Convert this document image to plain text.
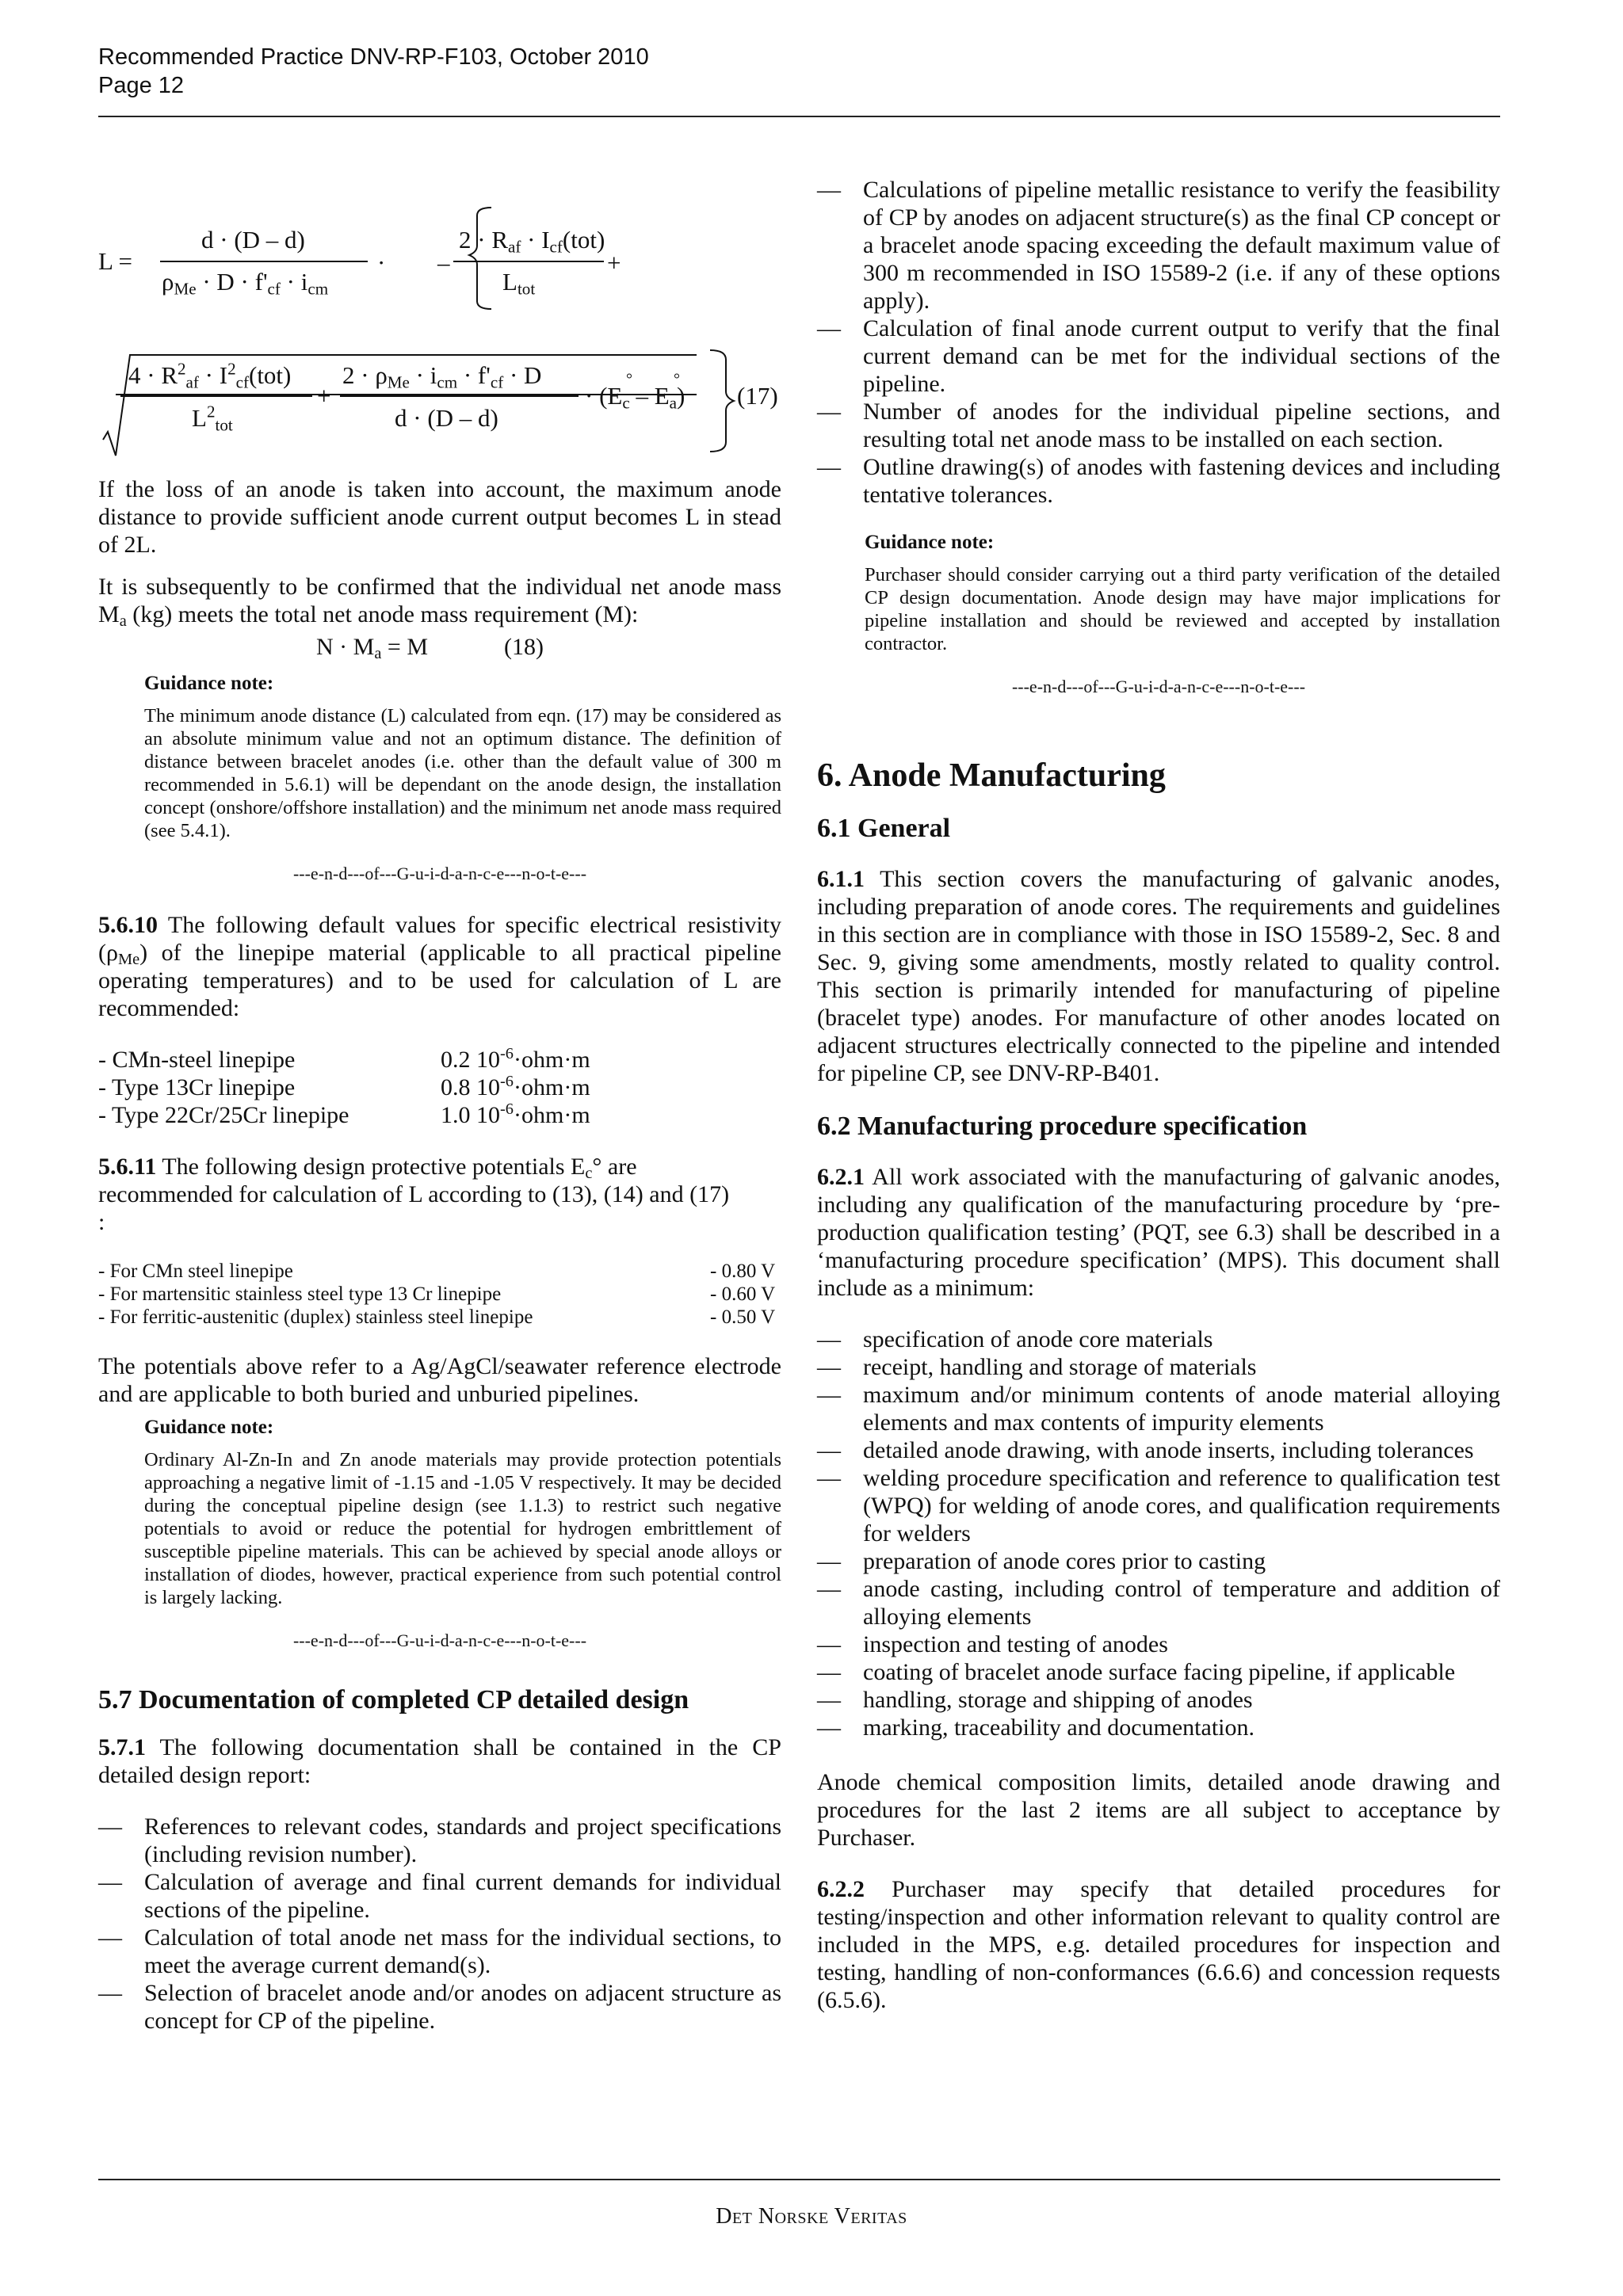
Recommended Practice DNV-RP-F103, October 2010
Page 12
L =
d · (D – d)
$\rho_{Me} \cdot D \cdot f'_{cf} \cdot i_{cm}$
· –
$2 \cdot R_{af} \cdot I_{cf}(tot)$
$L_{tot}$
+
$4 \cdot R^2_{af} \cdot I^2_{cf}(tot)$
$L^2_{tot}$
+
$2 \cdot \rho_{Me} \cdot i_{cm} \cdot f'_{cf} \cdot D$
d · (D – d)
· $(E_c - E_a)$
°	°
(17)

If the loss of an anode is taken into account, the maximum anode distance to provide sufficient anode current output becomes L in stead of 2L.

It is subsequently to be confirmed that the individual net anode mass $M_a$ (kg) meets the total net anode mass requirement (M):

$N \cdot M_a = M$	(18)
Guidance note:
The minimum anode distance (L) calculated from eqn. (17) may be considered as an absolute minimum value and not an optimum distance. The definition of distance between bracelet anodes (i.e. other than the default value of 300 m recommended in 5.6.1) will be dependant on the anode design, the installation concept (onshore/offshore installation) and the minimum net anode mass required (see 5.4.1).
---e-n-d---of---G-u-i-d-a-n-c-e---n-o-t-e---

5.6.10 The following default values for specific electrical resistivity $(\rho_{Me})$ of the linepipe material (applicable to all practical pipeline operating temperatures) and to be used for calculation of L are recommended:

- CMn-steel linepipe	0.2 $10^{-6}\cdot ohm\cdot m$
- Type 13Cr linepipe	0.8 $10^{-6}\cdot ohm\cdot m$
- Type 22Cr/25Cr linepipe	1.0 $10^{-6}\cdot ohm\cdot m$

5.6.11 The following design protective potentials $E_c^\circ$ are recommended for calculation of L according to (13), (14) and (17) :

- For CMn steel linepipe	- 0.80 V
- For martensitic stainless steel type 13 Cr linepipe	- 0.60 V
- For ferritic-austenitic (duplex) stainless steel linepipe	- 0.50 V

The potentials above refer to a Ag/AgCl/seawater reference electrode and are applicable to both buried and unburied pipelines.

Guidance note:
Ordinary Al-Zn-In and Zn anode materials may provide protection potentials approaching a negative limit of -1.15 and -1.05 V respectively. It may be decided during the conceptual pipeline design (see 1.1.3) to restrict such negative potentials to avoid or reduce the potential for hydrogen embrittlement of susceptible pipeline materials. This can be achieved by special anode alloys or installation of diodes, however, practical experience from such potential control is largely lacking.
---e-n-d---of---G-u-i-d-a-n-c-e---n-o-t-e---
5.7 Documentation of completed CP detailed design

5.7.1 The following documentation shall be contained in the CP detailed design report:

— References to relevant codes, standards and project specifications (including revision number).
— Calculation of average and final current demands for individual sections of the pipeline.
— Calculation of total anode net mass for the individual sections, to meet the average current demand(s).
— Selection of bracelet anode and/or anodes on adjacent structure as concept for CP of the pipeline.
— Calculations of pipeline metallic resistance to verify the feasibility of CP by anodes on adjacent structure(s) as the final CP concept or a bracelet anode spacing exceeding the default maximum value of 300 m recommended in ISO 15589-2 (i.e. if any of these options apply).
— Calculation of final anode current output to verify that the final current demand can be met for the individual sections of the pipeline.
— Number of anodes for the individual pipeline sections, and resulting total net anode mass to be installed on each section.
— Outline drawing(s) of anodes with fastening devices and including tentative tolerances.
Guidance note:
Purchaser should consider carrying out a third party verification of the detailed CP design documentation. Anode design may have major implications for pipeline installation and should be reviewed and accepted by installation contractor.
---e-n-d---of---G-u-i-d-a-n-c-e---n-o-t-e---
6. Anode Manufacturing
6.1 General

6.1.1 This section covers the manufacturing of galvanic anodes, including preparation of anode cores. The requirements and guidelines in this section are in compliance with those in ISO 15589-2, Sec. 8 and Sec. 9, giving some amendments, mostly related to quality control. This section is primarily intended for manufacturing of pipeline (bracelet type) anodes. For manufacture of other anodes located on adjacent structures electrically connected to the pipeline and intended for pipeline CP, see DNV-RP-B401.

6.2 Manufacturing procedure specification

6.2.1 All work associated with the manufacturing of galvanic anodes, including any qualification of the manufacturing procedure by ‘pre-production qualification testing’ (PQT, see 6.3) shall be described in a ‘manufacturing procedure specification’ (MPS). This document shall include as a minimum:

— specification of anode core materials
— receipt, handling and storage of materials
— maximum and/or minimum contents of anode material alloying elements and max contents of impurity elements
— detailed anode drawing, with anode inserts, including tolerances
— welding procedure specification and reference to qualification test (WPQ) for welding of anode cores, and qualification requirements for welders
— preparation of anode cores prior to casting
— anode casting, including control of temperature and addition of alloying elements
— inspection and testing of anodes
— coating of bracelet anode surface facing pipeline, if applicable
— handling, storage and shipping of anodes
— marking, traceability and documentation.

Anode chemical composition limits, detailed anode drawing and procedures for the last 2 items are all subject to acceptance by Purchaser.

6.2.2 Purchaser may specify that detailed procedures for testing/inspection and other information relevant to quality control are included in the MPS, e.g. detailed procedures for inspection and testing, handling of non-conformances (6.6.6) and concession requests (6.5.6).

Det Norske Veritas
